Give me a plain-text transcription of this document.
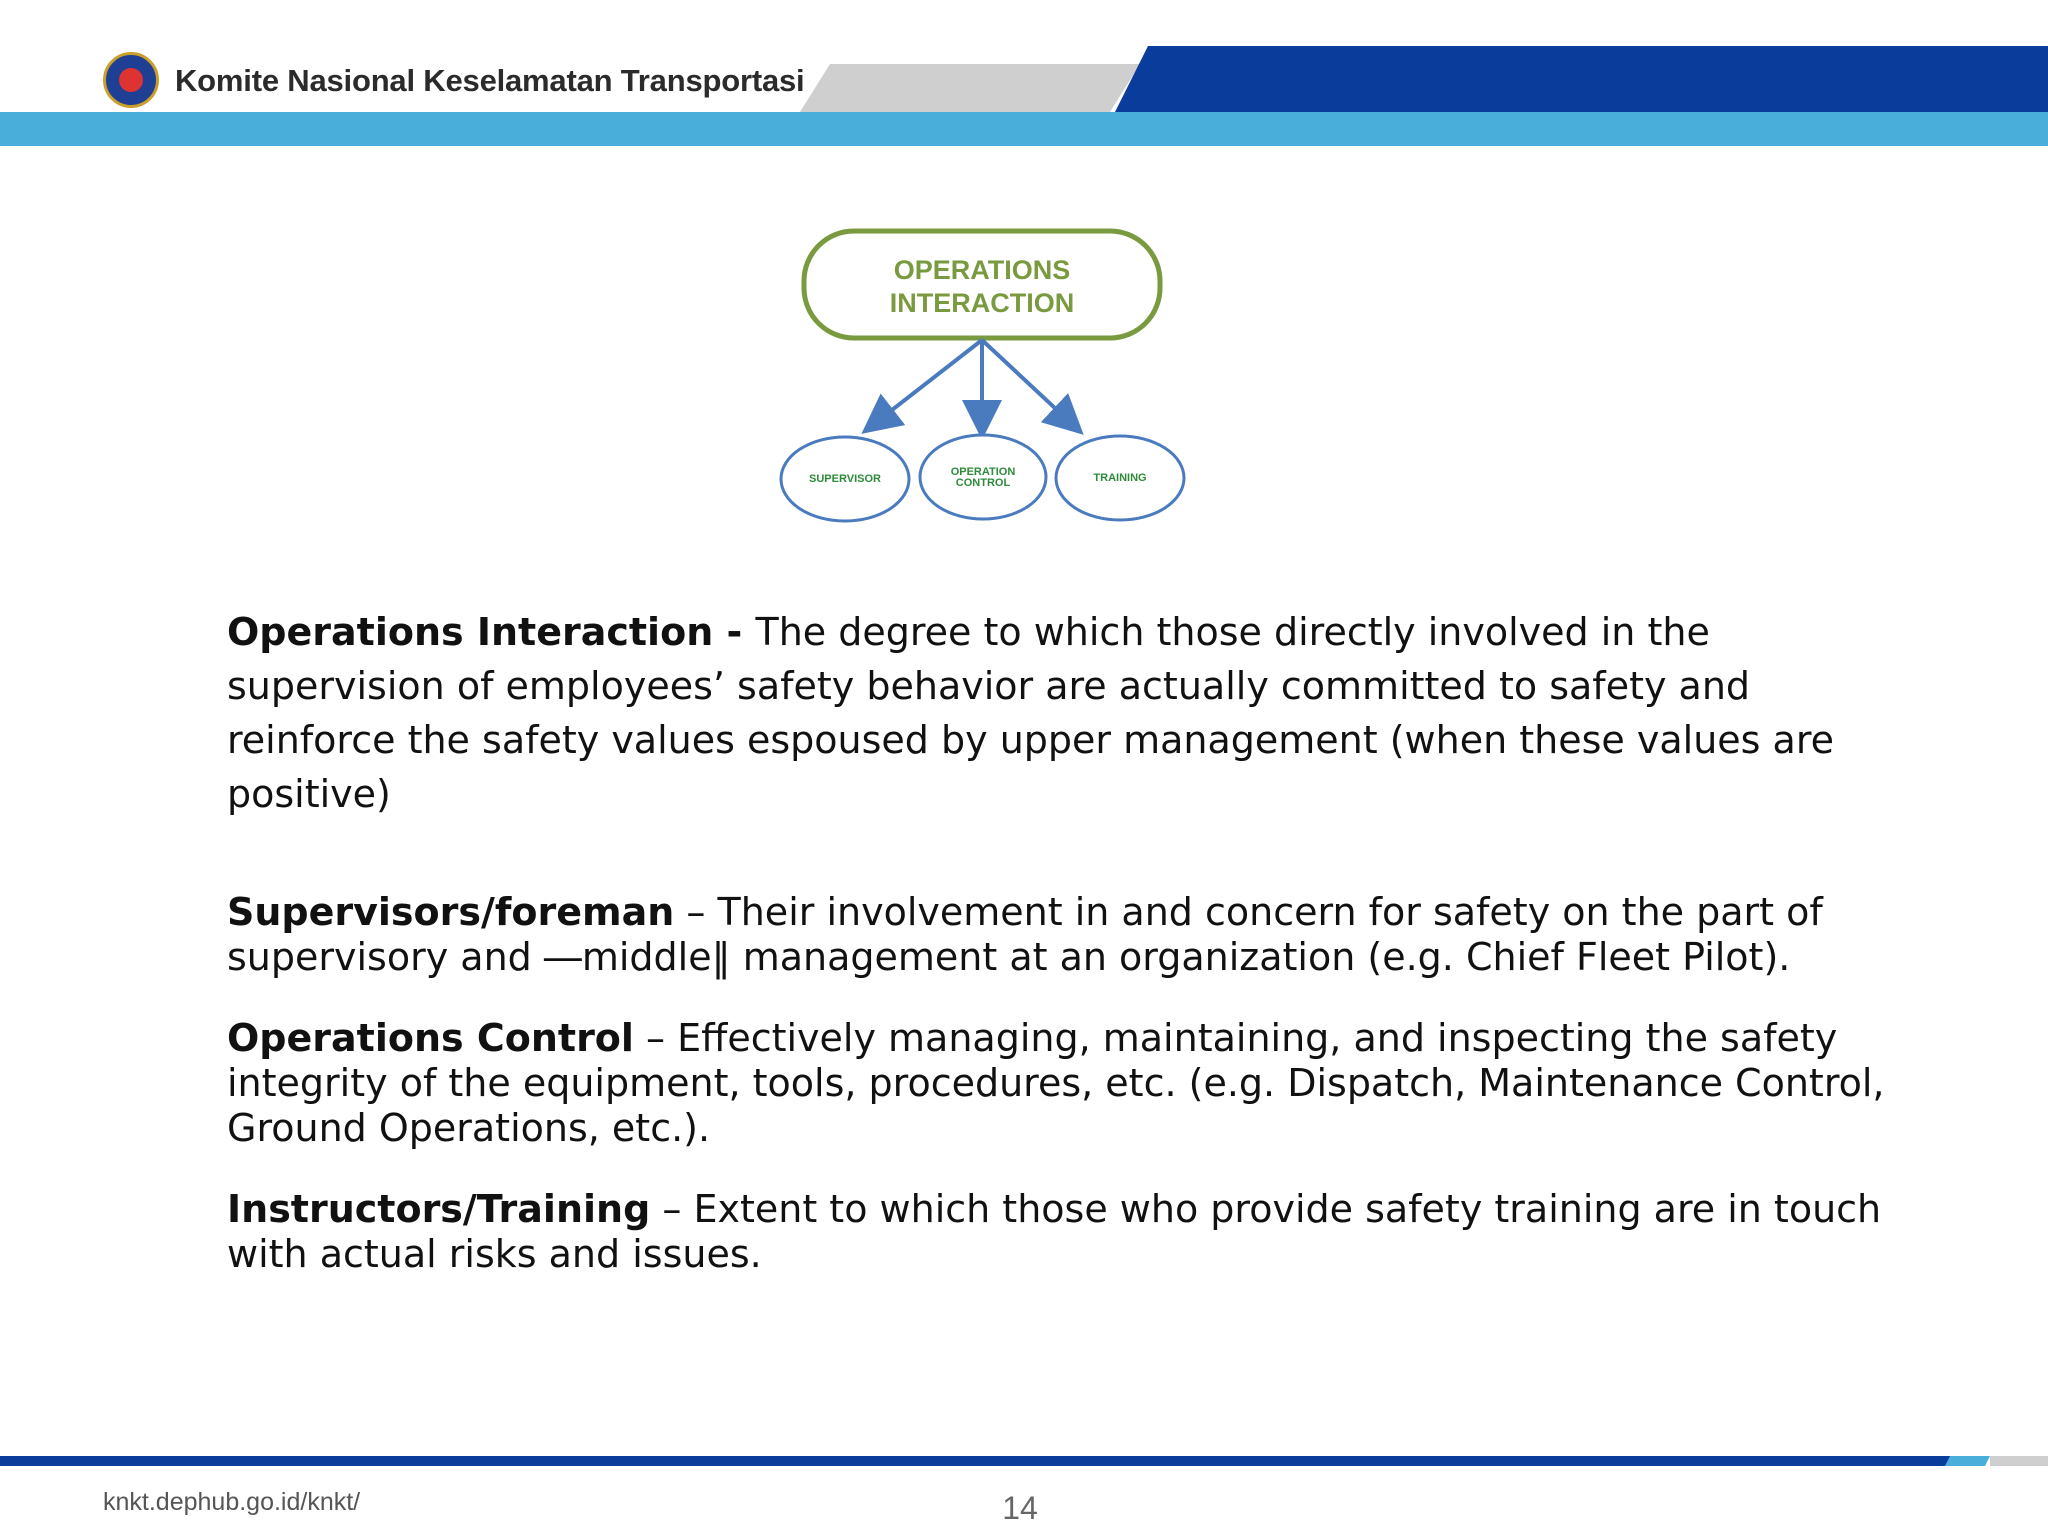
Komite Nasional Keselamatan Transportasi
OPERATIONS
INTERACTION
SUPERVISOR
OPERATION
CONTROL	TRAINING
Operations Interaction - The degree to which those directly involved in the supervision of employees’ safety behavior are actually committed to safety and reinforce the safety values espoused by upper management (when these values are positive)
Supervisors/foreman – Their involvement in and concern for safety on the part of supervisory and ―middle‖ management at an organization (e.g. Chief Fleet Pilot).
Operations Control – Effectively managing, maintaining, and inspecting the safety integrity of the equipment, tools, procedures, etc. (e.g. Dispatch, Maintenance Control, Ground Operations, etc.).
Instructors/Training – Extent to which those who provide safety training are in touch with actual risks and issues.
knkt.dephub.go.id/knkt/	14
